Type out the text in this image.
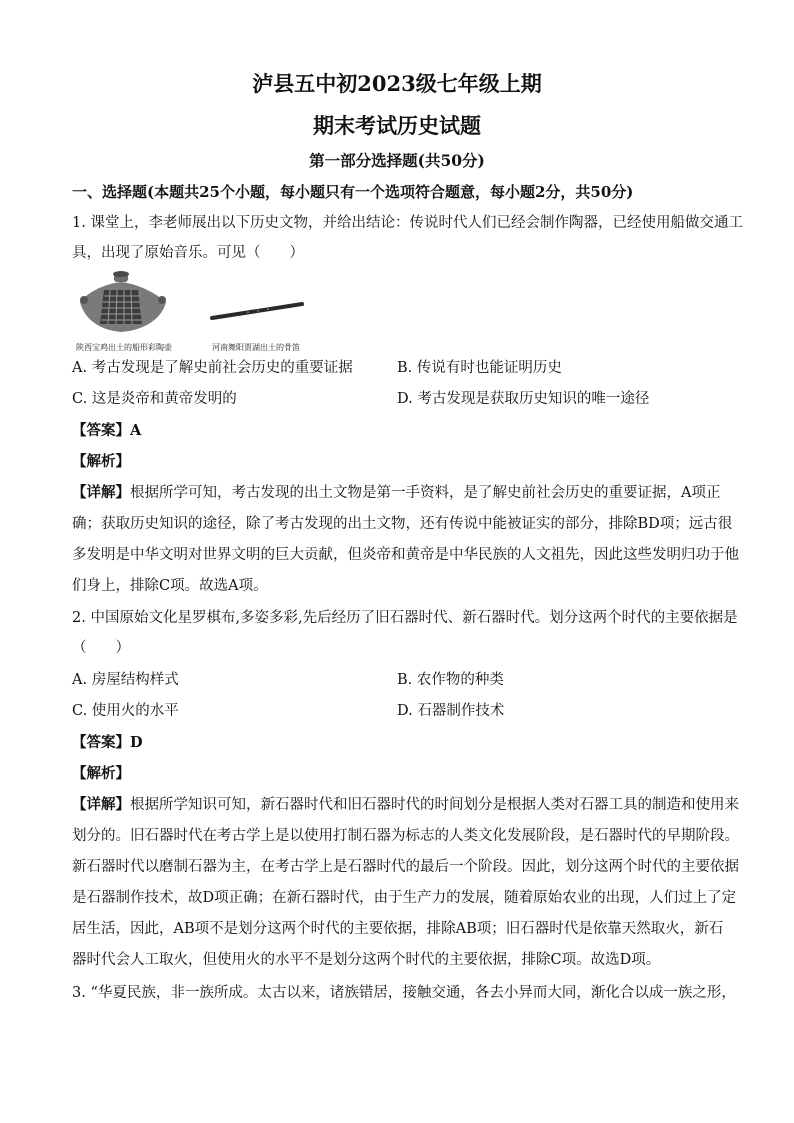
泸县五中初2023级七年级上期
期末考试历史试题
第一部分选择题(共50分)
一、选择题(本题共25个小题，每小题只有一个选项符合题意，每小题2分，共50分)
1. 课堂上，李老师展出以下历史文物，并给出结论：传说时代人们已经会制作陶器，已经使用船做交通工
具，出现了原始音乐。可见（　　）
陕西宝鸡出土的船形彩陶壶	河南舞阳贾湖出土的骨笛
A. 考古发现是了解史前社会历史的重要证据	B. 传说有时也能证明历史
C. 这是炎帝和黄帝发明的	D. 考古发现是获取历史知识的唯一途径
【答案】A
【解析】
【详解】根据所学可知，考古发现的出土文物是第一手资料，是了解史前社会历史的重要证据，A项正
确；获取历史知识的途径，除了考古发现的出土文物，还有传说中能被证实的部分，排除BD项；远古很
多发明是中华文明对世界文明的巨大贡献，但炎帝和黄帝是中华民族的人文祖先，因此这些发明归功于他
们身上，排除C项。故选A项。
2. 中国原始文化星罗棋布,多姿多彩,先后经历了旧石器时代、新石器时代。划分这两个时代的主要依据是
（　　）
A. 房屋结构样式	B. 农作物的种类
C. 使用火的水平	D. 石器制作技术
【答案】D
【解析】
【详解】根据所学知识可知，新石器时代和旧石器时代的时间划分是根据人类对石器工具的制造和使用来
划分的。旧石器时代在考古学上是以使用打制石器为标志的人类文化发展阶段，是石器时代的早期阶段。
新石器时代以磨制石器为主，在考古学上是石器时代的最后一个阶段。因此，划分这两个时代的主要依据
是石器制作技术，故D项正确；在新石器时代，由于生产力的发展，随着原始农业的出现，人们过上了定
居生活，因此，AB项不是划分这两个时代的主要依据，排除AB项；旧石器时代是依靠天然取火，新石
器时代会人工取火，但使用火的水平不是划分这两个时代的主要依据，排除C项。故选D项。
3. “华夏民族，非一族所成。太古以来，诸族错居，接触交通，各去小异而大同，渐化合以成一族之形，
